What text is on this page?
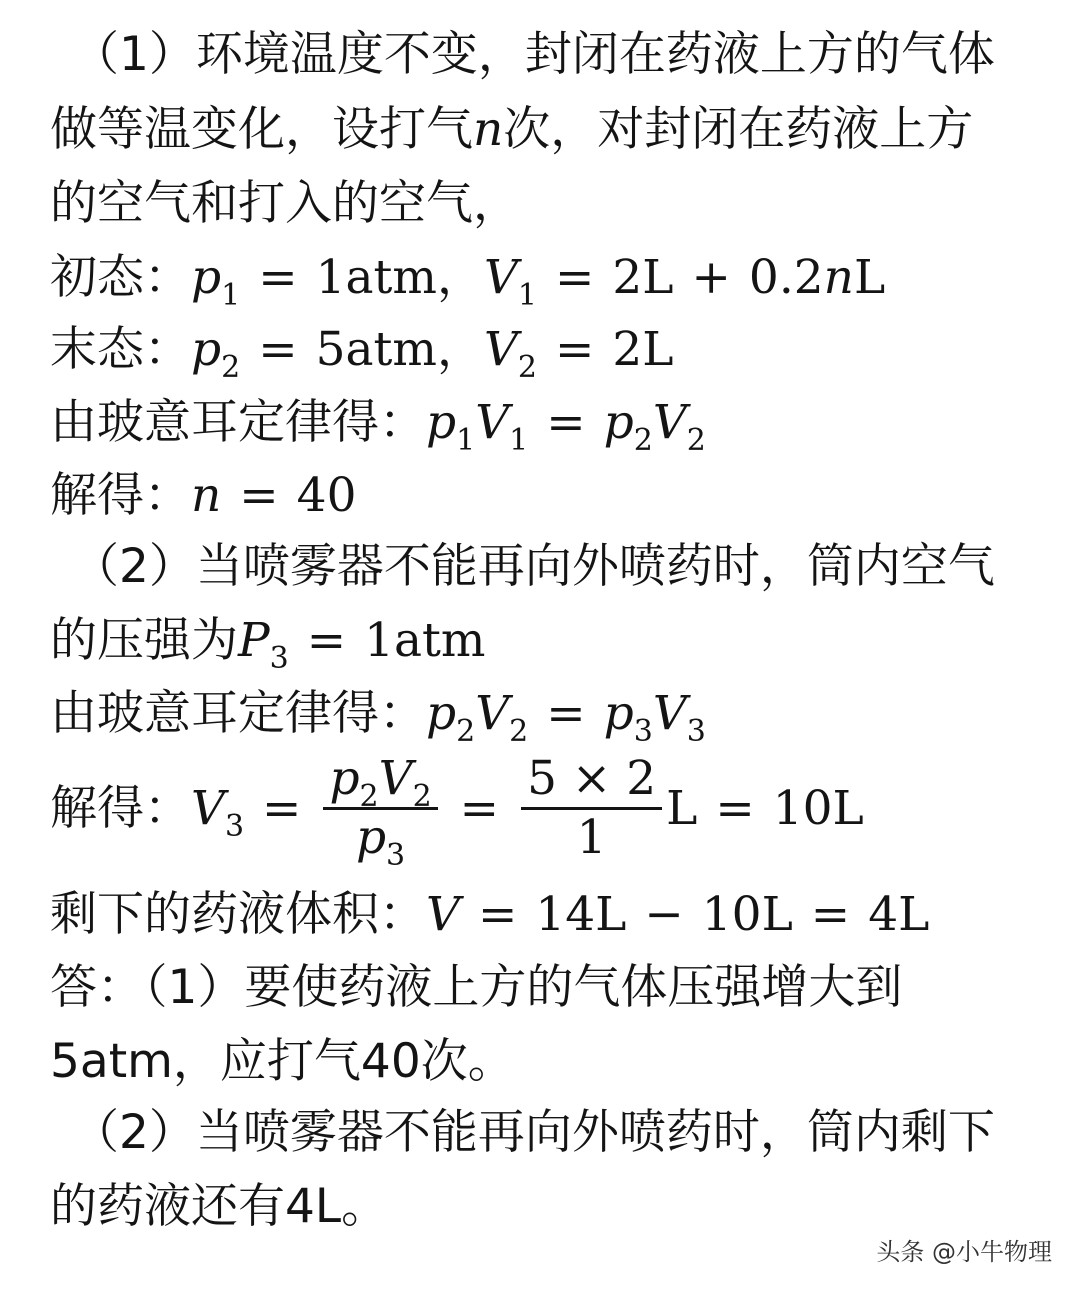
（1）环境温度不变，封闭在药液上方的气体
做等温变化，设打气n次，对封闭在药液上方
的空气和打入的空气，
初态：$p_1 = 1atm$，$V_1 = 2L + 0.2nL$
末态：$p_2 = 5atm$，$V_2 = 2L$
由玻意耳定律得：$p_1V_1 = p_2V_2$
解得：n = 40
（2）当喷雾器不能再向外喷药时，筒内空气
的压强为$P_3 = 1atm$
由玻意耳定律得：$p_2V_2 = p_3V_3$
解得：$V_3 = \frac{p_2V_2}{p_3} = \frac{5 \times 2}{1}$ L = 10L
剩下的药液体积：V = 14L − 10L = 4L
答：（1）要使药液上方的气体压强增大到
5atm，应打气40次。
（2）当喷雾器不能再向外喷药时，筒内剩下
的药液还有4L。
头条 @小牛物理
